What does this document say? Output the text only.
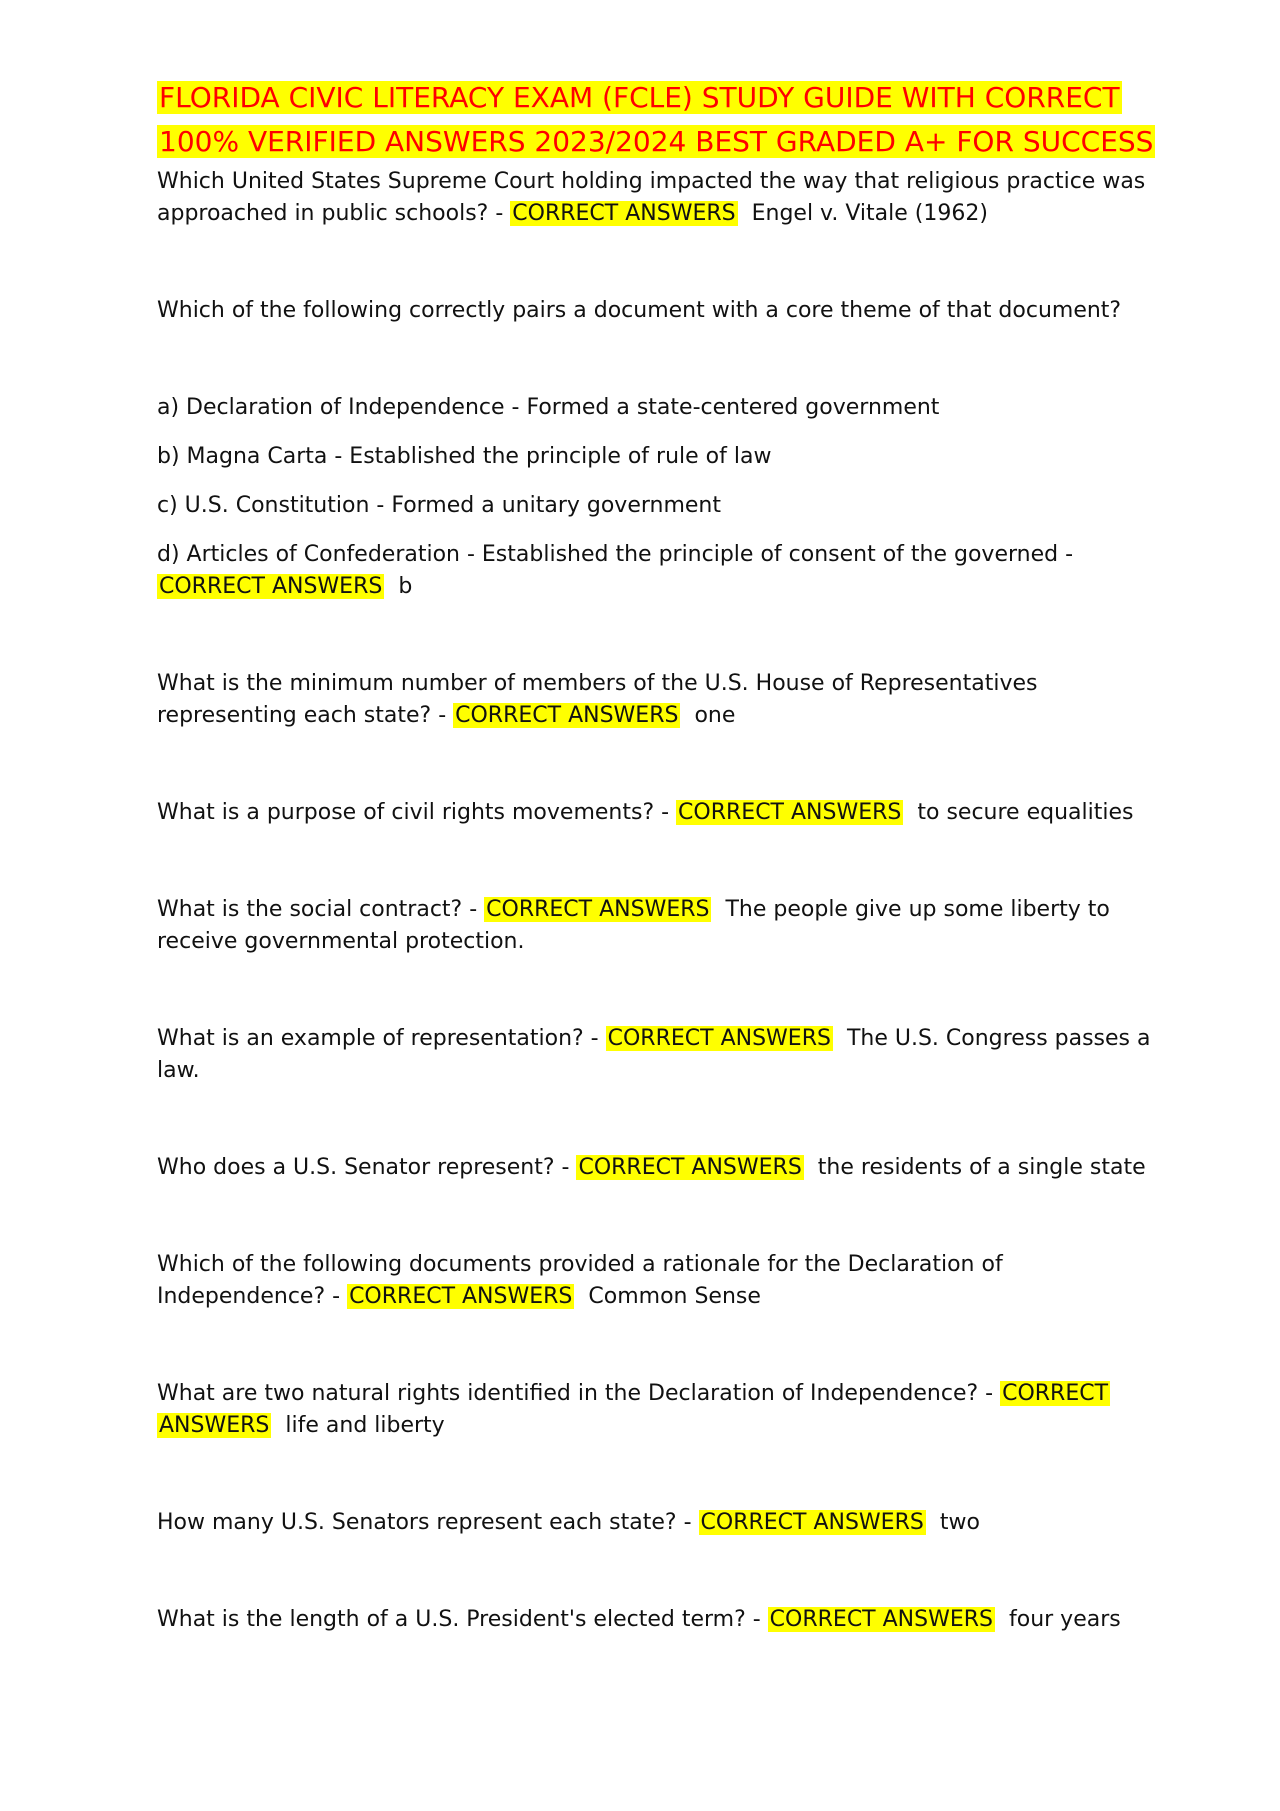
FLORIDA CIVIC LITERACY EXAM (FCLE) STUDY GUIDE WITH CORRECT
100% VERIFIED ANSWERS 2023/2024 BEST GRADED A+ FOR SUCCESS

Which United States Supreme Court holding impacted the way that religious practice was
approached in public schools? - CORRECT ANSWERS Engel v. Vitale (1962)

Which of the following correctly pairs a document with a core theme of that document?

a) Declaration of Independence - Formed a state-centered government

b) Magna Carta - Established the principle of rule of law

c) U.S. Constitution - Formed a unitary government

d) Articles of Confederation - Established the principle of consent of the governed -
CORRECT ANSWERS b

What is the minimum number of members of the U.S. House of Representatives
representing each state? - CORRECT ANSWERS one

What is a purpose of civil rights movements? - CORRECT ANSWERS to secure equalities

What is the social contract? - CORRECT ANSWERS The people give up some liberty to
receive governmental protection.

What is an example of representation? - CORRECT ANSWERS The U.S. Congress passes a
law.

Who does a U.S. Senator represent? - CORRECT ANSWERS the residents of a single state

Which of the following documents provided a rationale for the Declaration of
Independence? - CORRECT ANSWERS Common Sense

What are two natural rights identified in the Declaration of Independence? - CORRECT
ANSWERS life and liberty

How many U.S. Senators represent each state? - CORRECT ANSWERS two

What is the length of a U.S. President's elected term? - CORRECT ANSWERS four years
